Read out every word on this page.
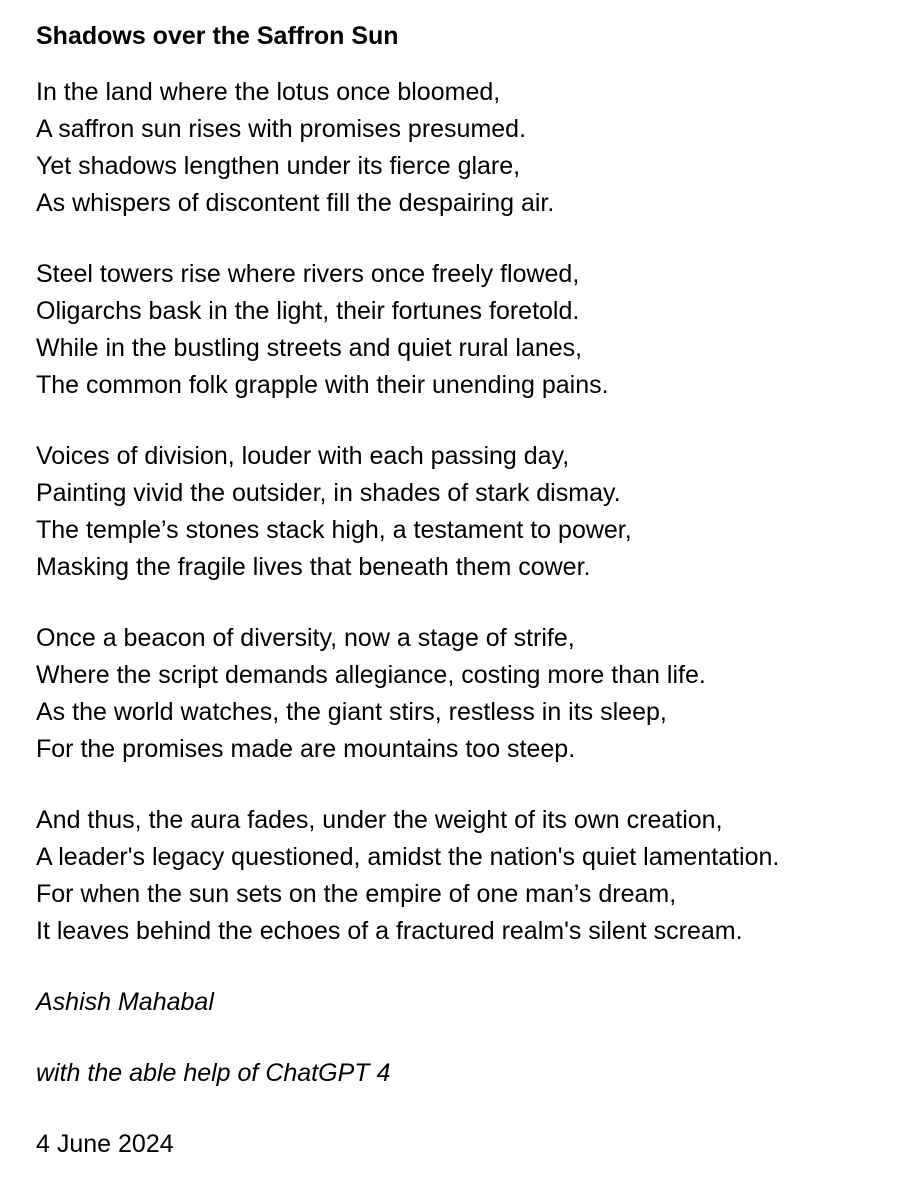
Shadows over the Saffron Sun
In the land where the lotus once bloomed,
A saffron sun rises with promises presumed.
Yet shadows lengthen under its fierce glare,
As whispers of discontent fill the despairing air.
Steel towers rise where rivers once freely flowed,
Oligarchs bask in the light, their fortunes foretold.
While in the bustling streets and quiet rural lanes,
The common folk grapple with their unending pains.
Voices of division, louder with each passing day,
Painting vivid the outsider, in shades of stark dismay.
The temple’s stones stack high, a testament to power,
Masking the fragile lives that beneath them cower.
Once a beacon of diversity, now a stage of strife,
Where the script demands allegiance, costing more than life.
As the world watches, the giant stirs, restless in its sleep,
For the promises made are mountains too steep.
And thus, the aura fades, under the weight of its own creation,
A leader's legacy questioned, amidst the nation's quiet lamentation.
For when the sun sets on the empire of one man’s dream,
It leaves behind the echoes of a fractured realm's silent scream.
Ashish Mahabal
with the able help of ChatGPT 4
4 June 2024
